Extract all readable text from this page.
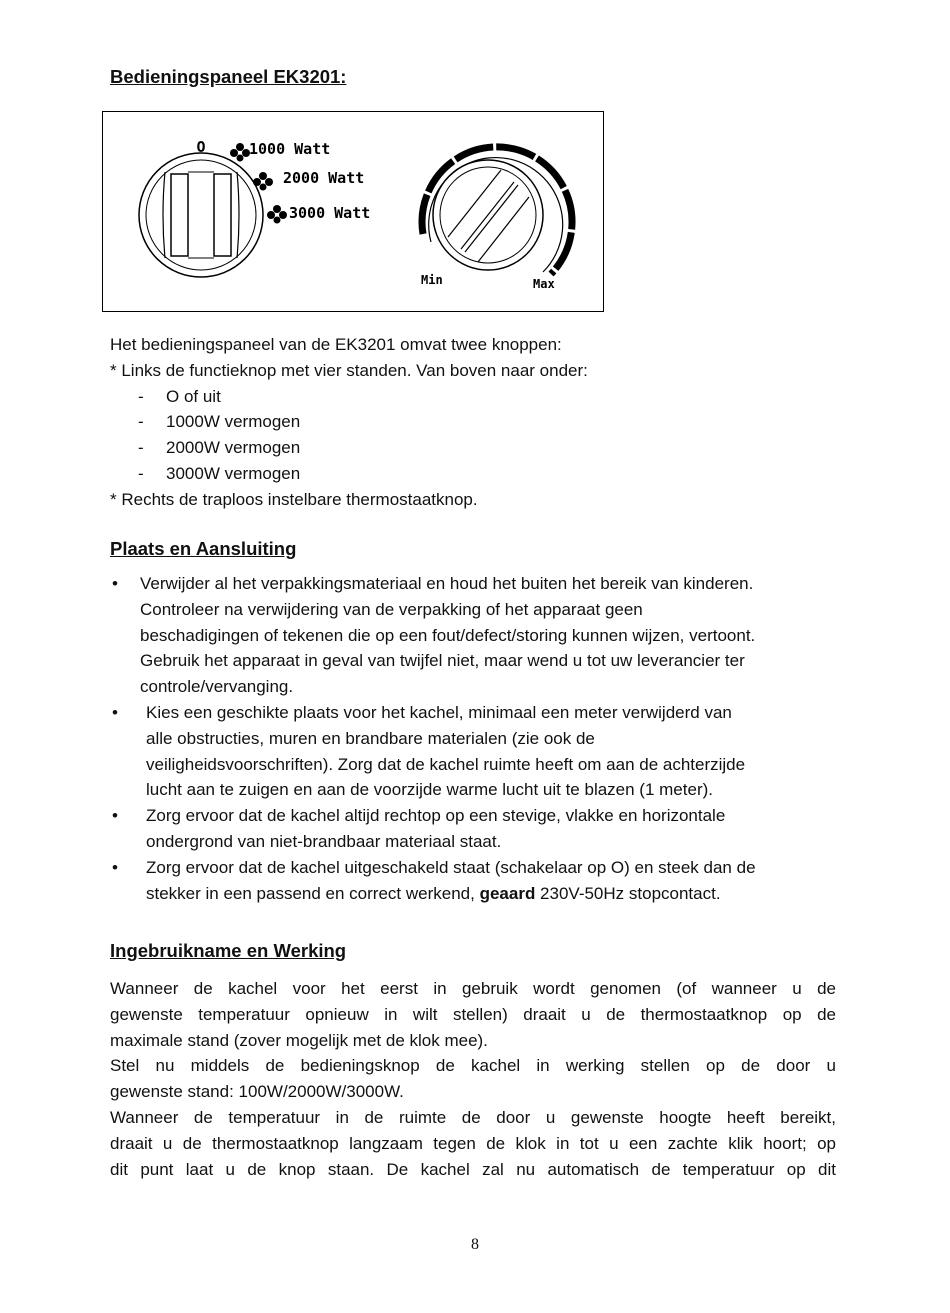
Bedieningspaneel EK3201:
O	1000 Watt
2000 Watt
3000 Watt
Min	Max

Het bedieningspaneel van de EK3201 omvat twee knoppen:

* Links de functieknop met vier standen. Van boven naar onder:

-	O of uit
-	1000W vermogen
-	2000W vermogen
-	3000W vermogen

* Rechts de traploos instelbare thermostaatknop.

Plaats en Aansluiting
•	Verwijder al het verpakkingsmateriaal en houd het buiten het bereik van kinderen.
Controleer na verwijdering van de verpakking of het apparaat geen
beschadigingen of tekenen die op een fout/defect/storing kunnen wijzen, vertoont.
Gebruik het apparaat in geval van twijfel niet, maar wend u tot uw leverancier ter
controle/vervanging.
•	Kies een geschikte plaats voor het kachel, minimaal een meter verwijderd van
alle obstructies, muren en brandbare materialen (zie ook de
veiligheidsvoorschriften). Zorg dat de kachel ruimte heeft om aan de achterzijde
lucht aan te zuigen en aan de voorzijde warme lucht uit te blazen (1 meter).
•	Zorg ervoor dat de kachel altijd rechtop op een stevige, vlakke en horizontale
ondergrond van niet-brandbaar materiaal staat.
•	Zorg ervoor dat de kachel uitgeschakeld staat (schakelaar op O) en steek dan de
stekker in een passend en correct werkend, geaard 230V-50Hz stopcontact.
Ingebruikname en Werking

Wanneer de kachel voor het eerst in gebruik wordt genomen (of wanneer u de

gewenste temperatuur opnieuw in wilt stellen) draait u de thermostaatknop op de

maximale stand (zover mogelijk met de klok mee).

Stel nu middels de bedieningsknop de kachel in werking stellen op de door u

gewenste stand: 100W/2000W/3000W.

Wanneer de temperatuur in de ruimte de door u gewenste hoogte heeft bereikt,

draait u de thermostaatknop langzaam tegen de klok in tot u een zachte klik hoort; op

dit punt laat u de knop staan. De kachel zal nu automatisch de temperatuur op dit

8
